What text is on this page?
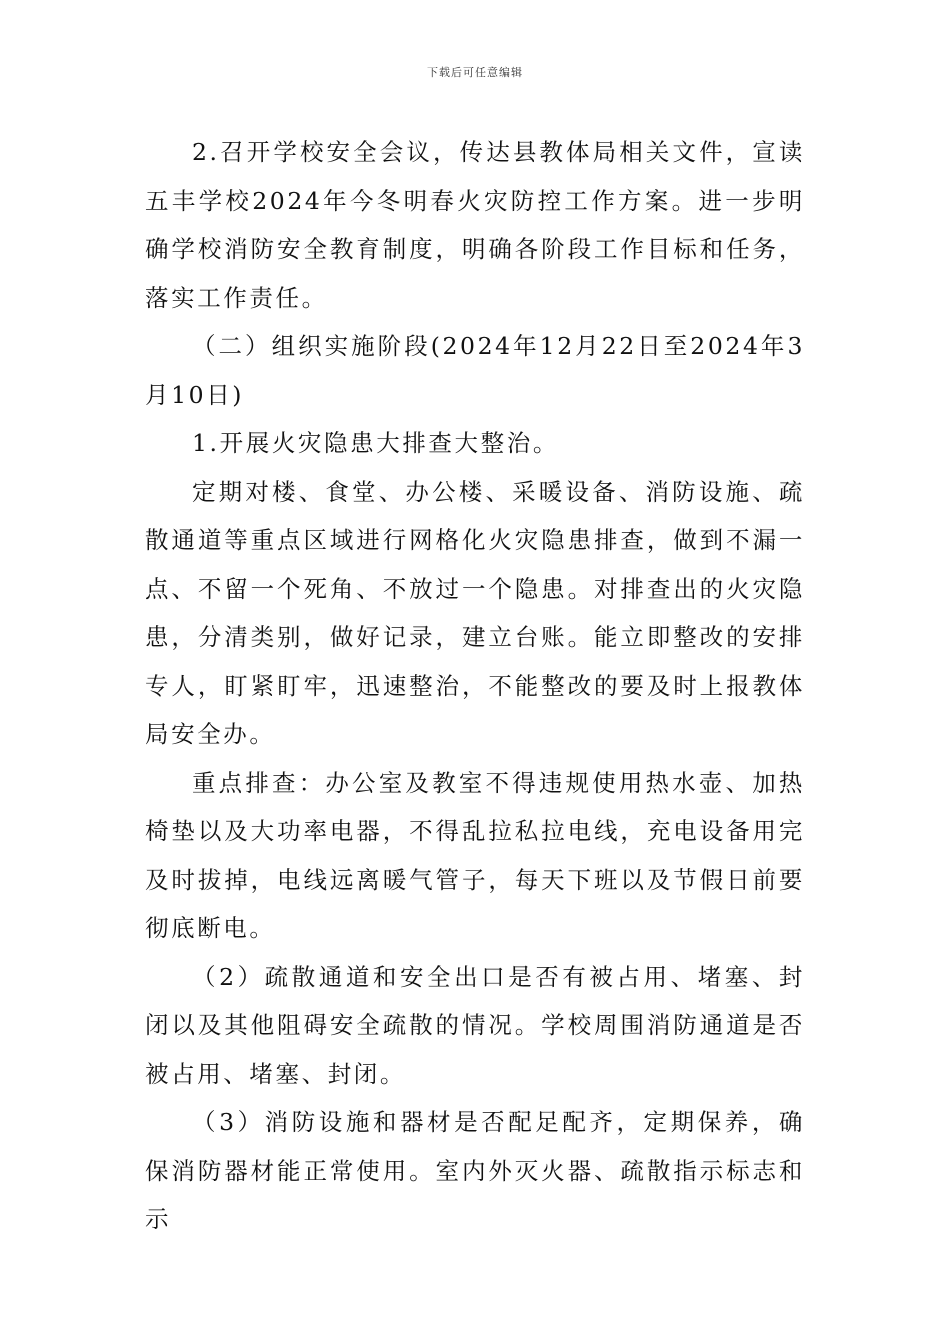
下载后可任意编辑

2.召开学校安全会议，传达县教体局相关文件，宣读五丰学校2024年今冬明春火灾防控工作方案。进一步明确学校消防安全教育制度，明确各阶段工作目标和任务，落实工作责任。

（二）组织实施阶段(2024年12月22日至2024年3月10日)

1.开展火灾隐患大排查大整治。

定期对楼、食堂、办公楼、采暖设备、消防设施、疏散通道等重点区域进行网格化火灾隐患排查，做到不漏一点、不留一个死角、不放过一个隐患。对排查出的火灾隐患，分清类别，做好记录，建立台账。能立即整改的安排专人，盯紧盯牢，迅速整治，不能整改的要及时上报教体局安全办。

重点排查：办公室及教室不得违规使用热水壶、加热椅垫以及大功率电器，不得乱拉私拉电线，充电设备用完及时拔掉，电线远离暖气管子，每天下班以及节假日前要彻底断电。

（2）疏散通道和安全出口是否有被占用、堵塞、封闭以及其他阻碍安全疏散的情况。学校周围消防通道是否被占用、堵塞、封闭。

（3）消防设施和器材是否配足配齐，定期保养，确保消防器材能正常使用。室内外灭火器、疏散指示标志和示
